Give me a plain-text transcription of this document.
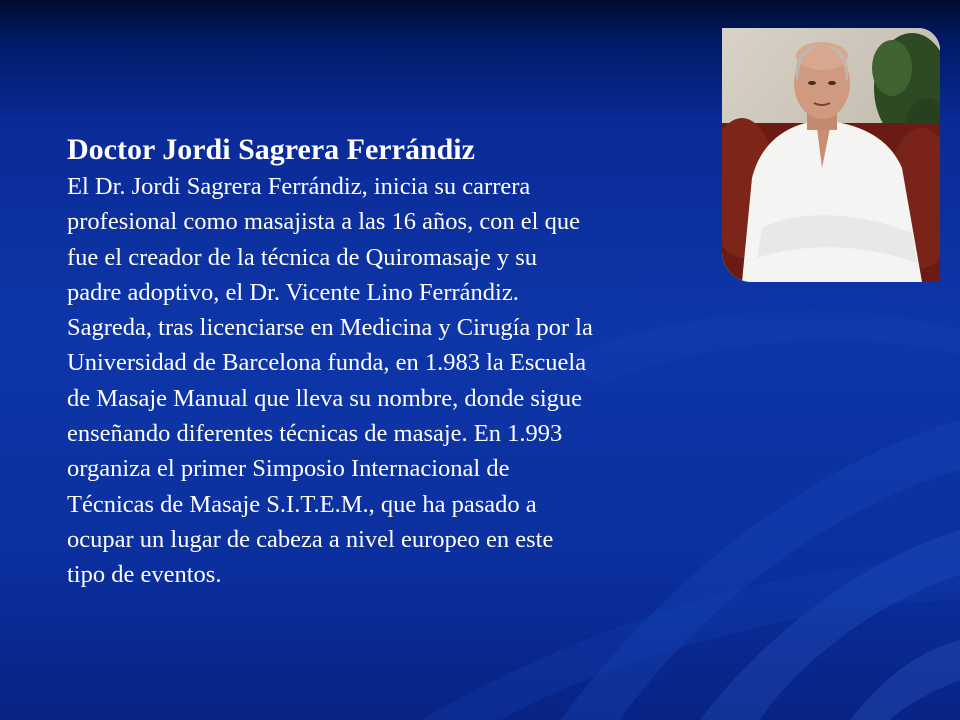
Doctor Jordi Sagrera Ferrándiz

El Dr. Jordi Sagrera Ferrándiz, inicia su carrera

profesional como masajista a las 16 años, con el que

fue el creador de la técnica de Quiromasaje y su

padre adoptivo, el Dr. Vicente Lino Ferrándiz.

Sagreda, tras licenciarse en Medicina y Cirugía por la

Universidad de Barcelona funda, en 1.983 la Escuela

de Masaje Manual que lleva su nombre, donde sigue

enseñando diferentes técnicas de masaje. En 1.993

organiza el primer Simposio Internacional de

Técnicas de Masaje S.I.T.E.M., que ha pasado a

ocupar un lugar de cabeza a nivel europeo en este

tipo de eventos.
